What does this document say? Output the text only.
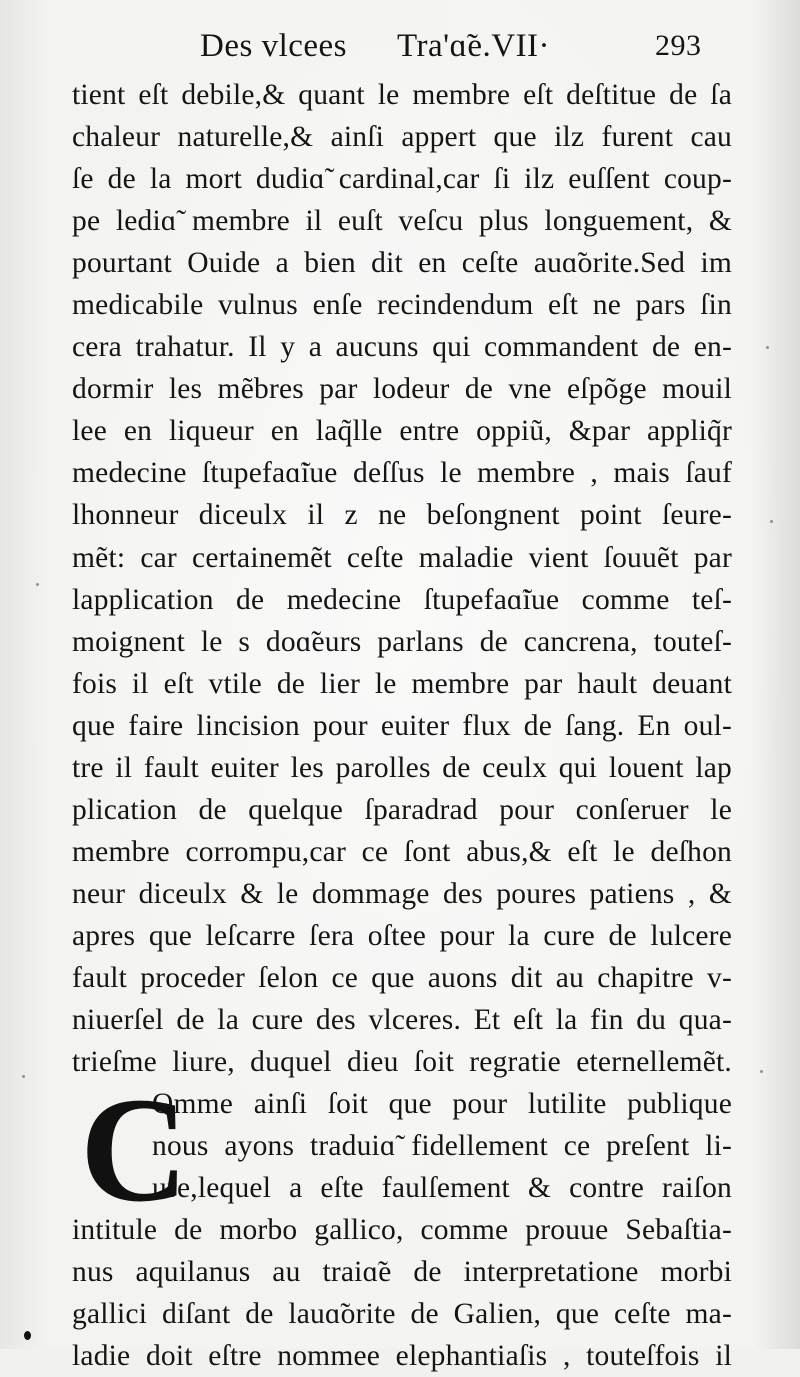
Des vlcees Tra'ɑ̃e.VII·	293
tient eſt debile,& quant le membre eſt deſtitue de ſa
chaleur naturelle,& ainſi appert que ilz furent cau
ſe de la mort dudiɑ̃ cardinal,car ſi ilz euſſent coup-
pe lediɑ̃ membre il euſt veſcu plus longuement, &
pourtant Ouide a bien dit en ceſte auɑ̃orite.Sed im
medicabile vulnus enſe recindendum eſt ne pars ſin
cera trahatur. Il y a aucuns qui commandent de en-
dormir les mẽbres par lodeur de vne eſpõge mouil
lee en liqueur en laq̃lle entre oppiũ, &par appliq̃r
medecine ſtupefaɑ̃iue deſſus le membre , mais ſauf
lhonneur diceulx il z ne beſongnent point ſeure-
mẽt: car certainemẽt ceſte maladie vient ſouuẽt par
lapplication de medecine ſtupefaɑ̃iue comme teſ-
moignent le s doɑ̃eurs parlans de cancrena, touteſ-
fois il eſt vtile de lier le membre par hault deuant
que faire lincision pour euiter flux de ſang. En oul-
tre il fault euiter les parolles de ceulx qui louent lap
plication de quelque ſparadrad pour conſeruer le
membre corrompu,car ce ſont abus,& eſt le deſhon
neur diceulx & le dommage des poures patiens , &
apres que leſcarre ſera oſtee pour la cure de lulcere
fault proceder ſelon ce que auons dit au chapitre v-
niuerſel de la cure des vlceres. Et eſt la fin du qua-
trieſme liure, duquel dieu ſoit regratie eternellemẽt.
C
Omme ainſi ſoit que pour lutilite publique
nous ayons traduiɑ̃ fidellement ce preſent li-
ure,lequel a eſte faulſement & contre raiſon
intitule de morbo gallico, comme prouue Sebaſtia-
nus aquilanus au traiɑ̃e de interpretatione morbi
gallici diſant de lauɑ̃orite de Galien, que ceſte ma-
ladie doit eſtre nommee elephantiaſis , touteſfois il
